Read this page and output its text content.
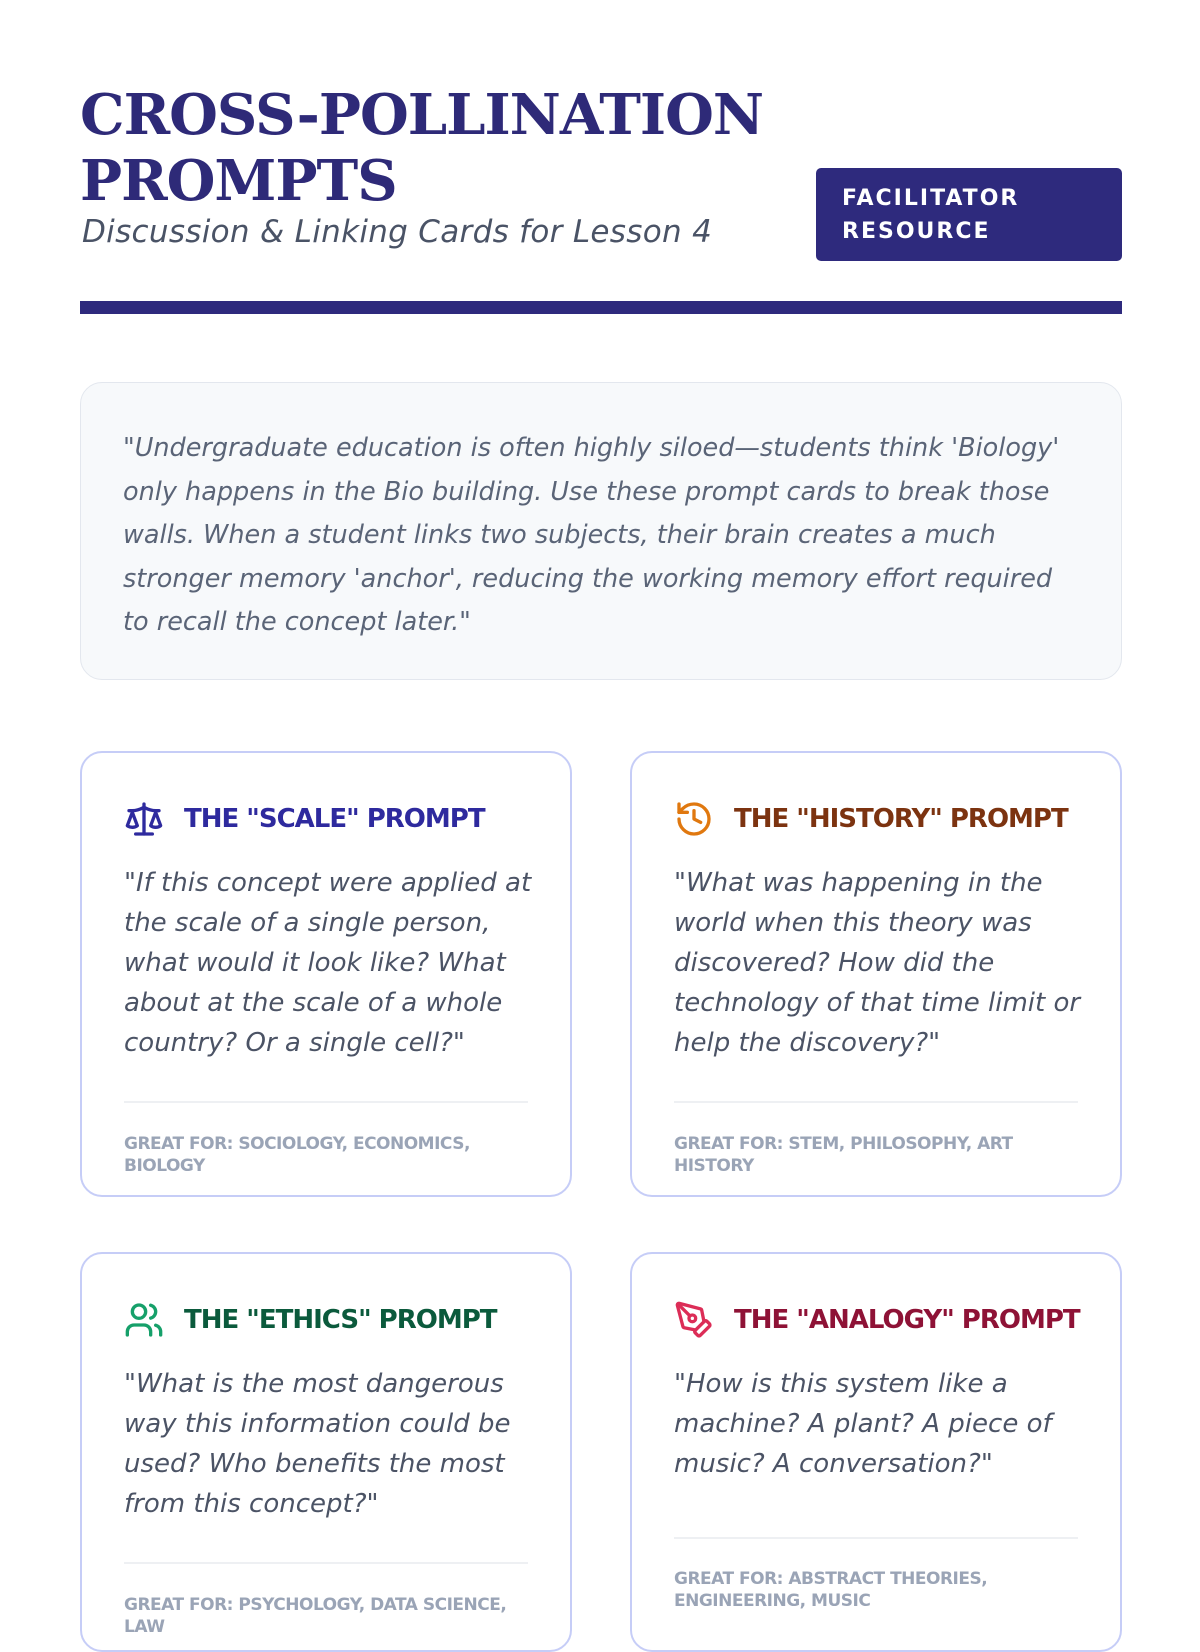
CROSS-POLLINATION
PROMPTS

Discussion & Linking Cards for Lesson 4

FACILITATOR
RESOURCE

"Undergraduate education is often highly siloed—students think 'Biology' only happens in the Bio building. Use these prompt cards to break those walls. When a student links two subjects, their brain creates a much stronger memory 'anchor', reducing the working memory effort required to recall the concept later."

THE "SCALE" PROMPT

"If this concept were applied at the scale of a single person, what would it look like? What about at the scale of a whole country? Or a single cell?"

GREAT FOR: SOCIOLOGY, ECONOMICS, BIOLOGY

THE "HISTORY" PROMPT

"What was happening in the world when this theory was discovered? How did the technology of that time limit or help the discovery?"

GREAT FOR: STEM, PHILOSOPHY, ART HISTORY

THE "ETHICS" PROMPT

"What is the most dangerous way this information could be used? Who benefits the most from this concept?"

GREAT FOR: PSYCHOLOGY, DATA SCIENCE, LAW

THE "ANALOGY" PROMPT

"How is this system like a machine? A plant? A piece of music? A conversation?"

GREAT FOR: ABSTRACT THEORIES, ENGINEERING, MUSIC
